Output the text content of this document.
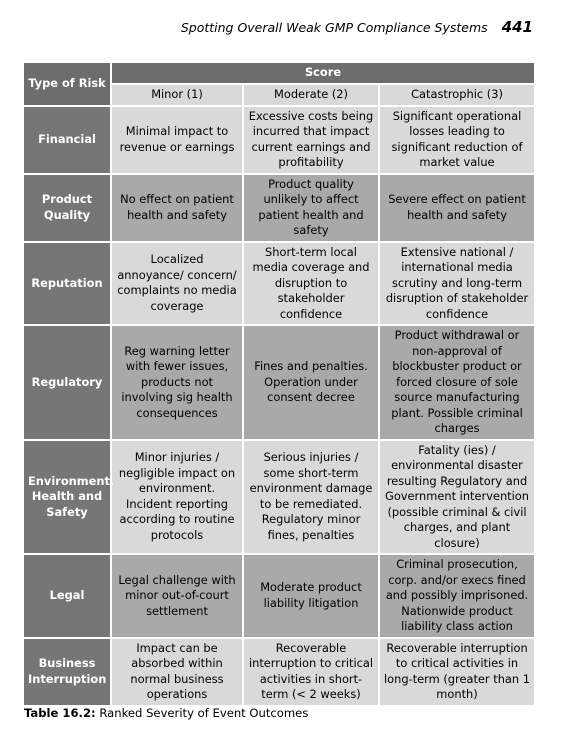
Spotting Overall Weak GMP Compliance Systems 441
Type of Risk	Score		
	Minor (1)	Moderate (2)	Catastrophic (3)
Financial	Minimal impact to revenue or earnings	Excessive costs being incurred that impact current earnings and profitability	Significant operational losses leading to significant reduction of market value
Product Quality	No effect on patient health and safety	Product quality unlikely to affect patient health and safety	Severe effect on patient health and safety
Reputation	Localized annoyance/ concern/ complaints no media coverage	Short-term local media coverage and disruption to stakeholder confidence	Extensive national / international media scrutiny and long-term disruption of stakeholder confidence
Regulatory	Reg warning letter with fewer issues, products not involving sig health consequences	Fines and penalties. Operation under consent decree	Product withdrawal or non-approval of blockbuster product or forced closure of sole source manufacturing plant. Possible criminal charges
Environment, Health and Safety	Minor injuries / negligible impact on environment. Incident reporting according to routine protocols	Serious injuries / some short-term environment damage to be remediated. Regulatory minor fines, penalties	Fatality (ies) / environmental disaster resulting Regulatory and Government intervention (possible criminal & civil charges, and plant closure)
Legal	Legal challenge with minor out-of-court settlement	Moderate product liability litigation	Criminal prosecution, corp. and/or execs fined and possibly imprisoned. Nationwide product liability class action
Business Interruption	Impact can be absorbed within normal business operations	Recoverable interruption to critical activities in short-term (< 2 weeks)	Recoverable interruption to critical activities in long-term (greater than 1 month)
Table 16.2: Ranked Severity of Event Outcomes
